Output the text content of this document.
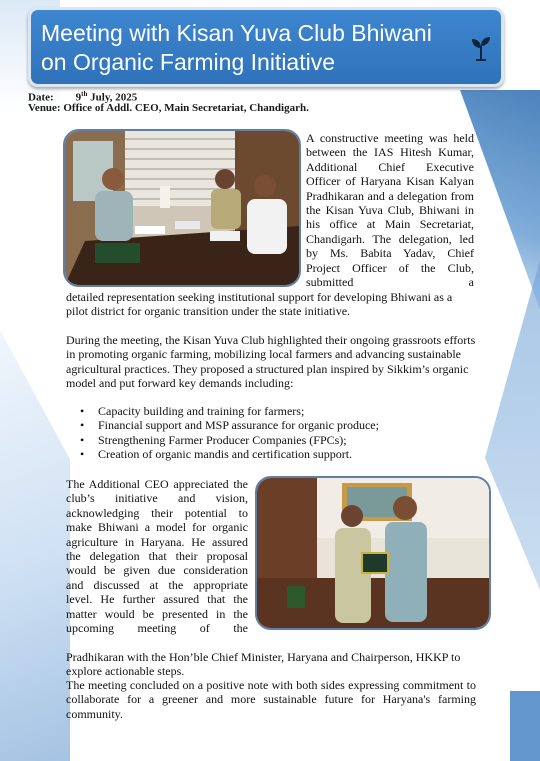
Meeting with Kisan Yuva Club Bhiwani on Organic Farming Initiative
Date: 9th July, 2025
Venue: Office of Addl. CEO, Main Secretariat, Chandigarh.
A constructive meeting was held between the IAS Hitesh Kumar, Additional Chief Executive Officer of Haryana Kisan Kalyan Pradhikaran and a delegation from the Kisan Yuva Club, Bhiwani in his office at Main Secretariat, Chandigarh. The delegation, led by Ms. Babita Yadav, Chief Project Officer of the Club, submitted a
detailed representation seeking institutional support for developing Bhiwani as a pilot district for organic transition under the state initiative.
During the meeting, the Kisan Yuva Club highlighted their ongoing grassroots efforts in promoting organic farming, mobilizing local farmers and advancing sustainable agricultural practices. They proposed a structured plan inspired by Sikkim’s organic model and put forward key demands including:
• Capacity building and training for farmers;
• Financial support and MSP assurance for organic produce;
• Strengthening Farmer Producer Companies (FPCs);
• Creation of organic mandis and certification support.
The Additional CEO appreciated the club’s initiative and vision, acknowledging their potential to make Bhiwani a model for organic agriculture in Haryana. He assured the delegation that their proposal would be given due consideration and discussed at the appropriate level. He further assured that the matter would be presented in the upcoming meeting of the
Pradhikaran with the Hon’ble Chief Minister, Haryana and Chairperson, HKKP to explore actionable steps.
The meeting concluded on a positive note with both sides expressing commitment to collaborate for a greener and more sustainable future for Haryana's farming community.
